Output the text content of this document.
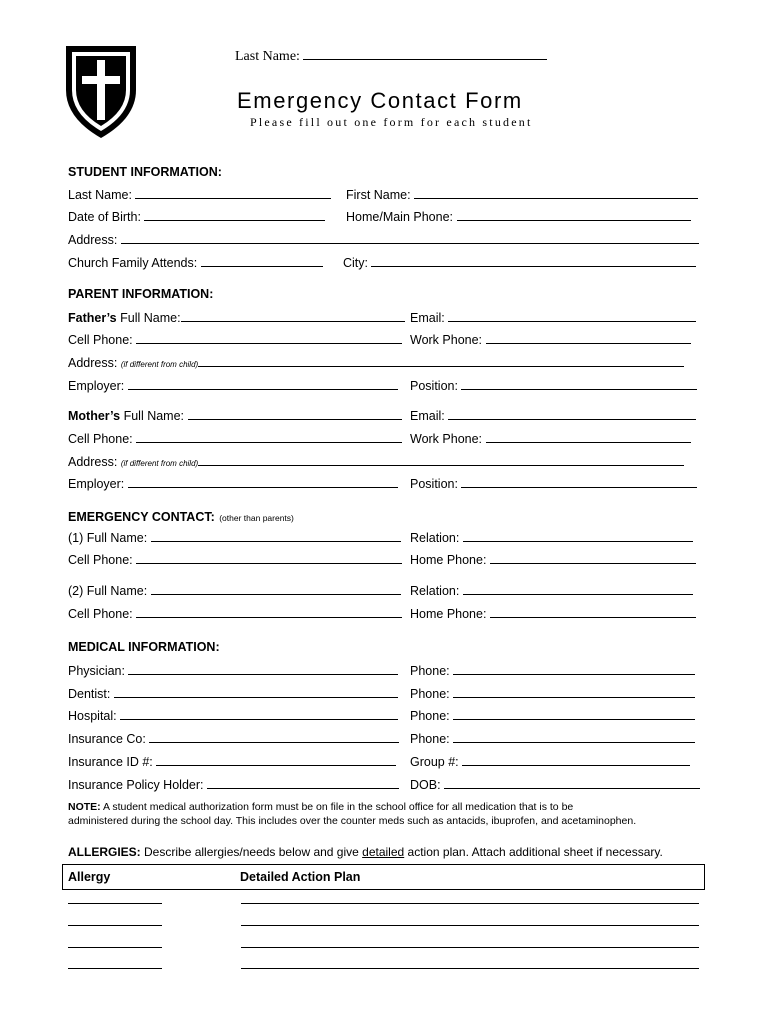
Last Name:
Emergency Contact Form
Please fill out one form for each student
STUDENT INFORMATION:
Last Name:	First Name:
Date of Birth:	Home/Main Phone:
Address:
Church Family Attends:	City:
PARENT INFORMATION:
Father’s Full Name:	Email:
Cell Phone:	Work Phone:
Address: (if different from child)
Employer:	Position:
Mother’s Full Name:	Email:
Cell Phone:	Work Phone:
Address: (if different from child)
Employer:	Position:
EMERGENCY CONTACT: (other than parents)
(1) Full Name:	Relation:
Cell Phone:	Home Phone:
(2) Full Name:	Relation:
Cell Phone:	Home Phone:
MEDICAL INFORMATION:
Physician:	Phone:
Dentist:	Phone:
Hospital:	Phone:
Insurance Co:	Phone:
Insurance ID #:	Group #:
Insurance Policy Holder:	DOB:
NOTE: A student medical authorization form must be on file in the school office for all medication that is to be
administered during the school day. This includes over the counter meds such as antacids, ibuprofen, and acetaminophen.
ALLERGIES: Describe allergies/needs below and give detailed action plan. Attach additional sheet if necessary.
Allergy	Detailed Action Plan
